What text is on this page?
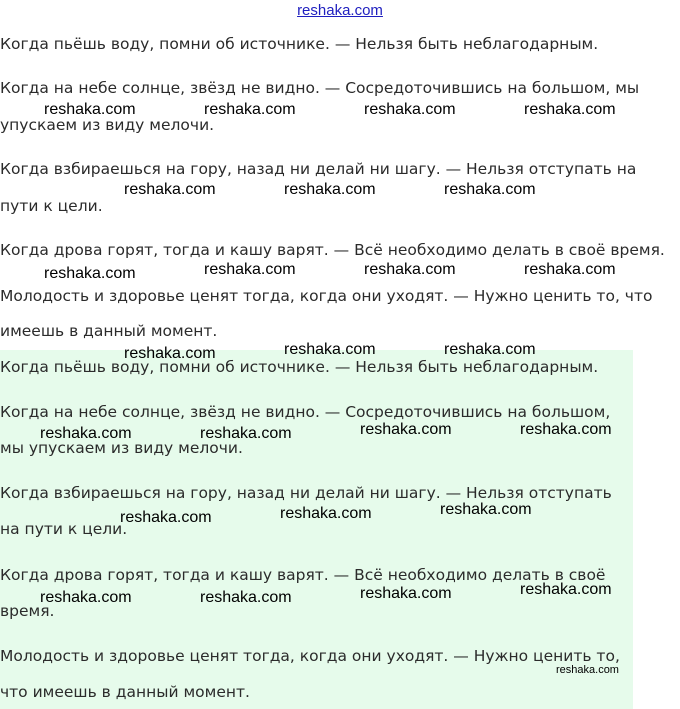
reshaka.com

Когда пьёшь воду, помни об источнике. — Нельзя быть неблагодарным.

Когда на небе солнце, звёзд не видно. — Сосредоточившись на большом, мы

упускаем из виду мелочи.

Когда взбираешься на гору, назад ни делай ни шагу. — Нельзя отступать на

пути к цели.

Когда дрова горят, тогда и кашу варят. — Всё необходимо делать в своё время.

Молодость и здоровье ценят тогда, когда они уходят. — Нужно ценить то, что

имеешь в данный момент.

Когда пьёшь воду, помни об источнике. — Нельзя быть неблагодарным.

Когда на небе солнце, звёзд не видно. — Сосредоточившись на большом,

мы упускаем из виду мелочи.

Когда взбираешься на гору, назад ни делай ни шагу. — Нельзя отступать

на пути к цели.

Когда дрова горят, тогда и кашу варят. — Всё необходимо делать в своё

время.

Молодость и здоровье ценят тогда, когда они уходят. — Нужно ценить то,

что имеешь в данный момент.

reshaka.com	reshaka.com	reshaka.com	reshaka.com
reshaka.com	reshaka.com	reshaka.com
reshaka.com	reshaka.com	reshaka.com	reshaka.com
reshaka.com	reshaka.com	reshaka.com
reshaka.com	reshaka.com	reshaka.com	reshaka.com
reshaka.com	reshaka.com	reshaka.com
reshaka.com	reshaka.com	reshaka.com	reshaka.com
reshaka.com
